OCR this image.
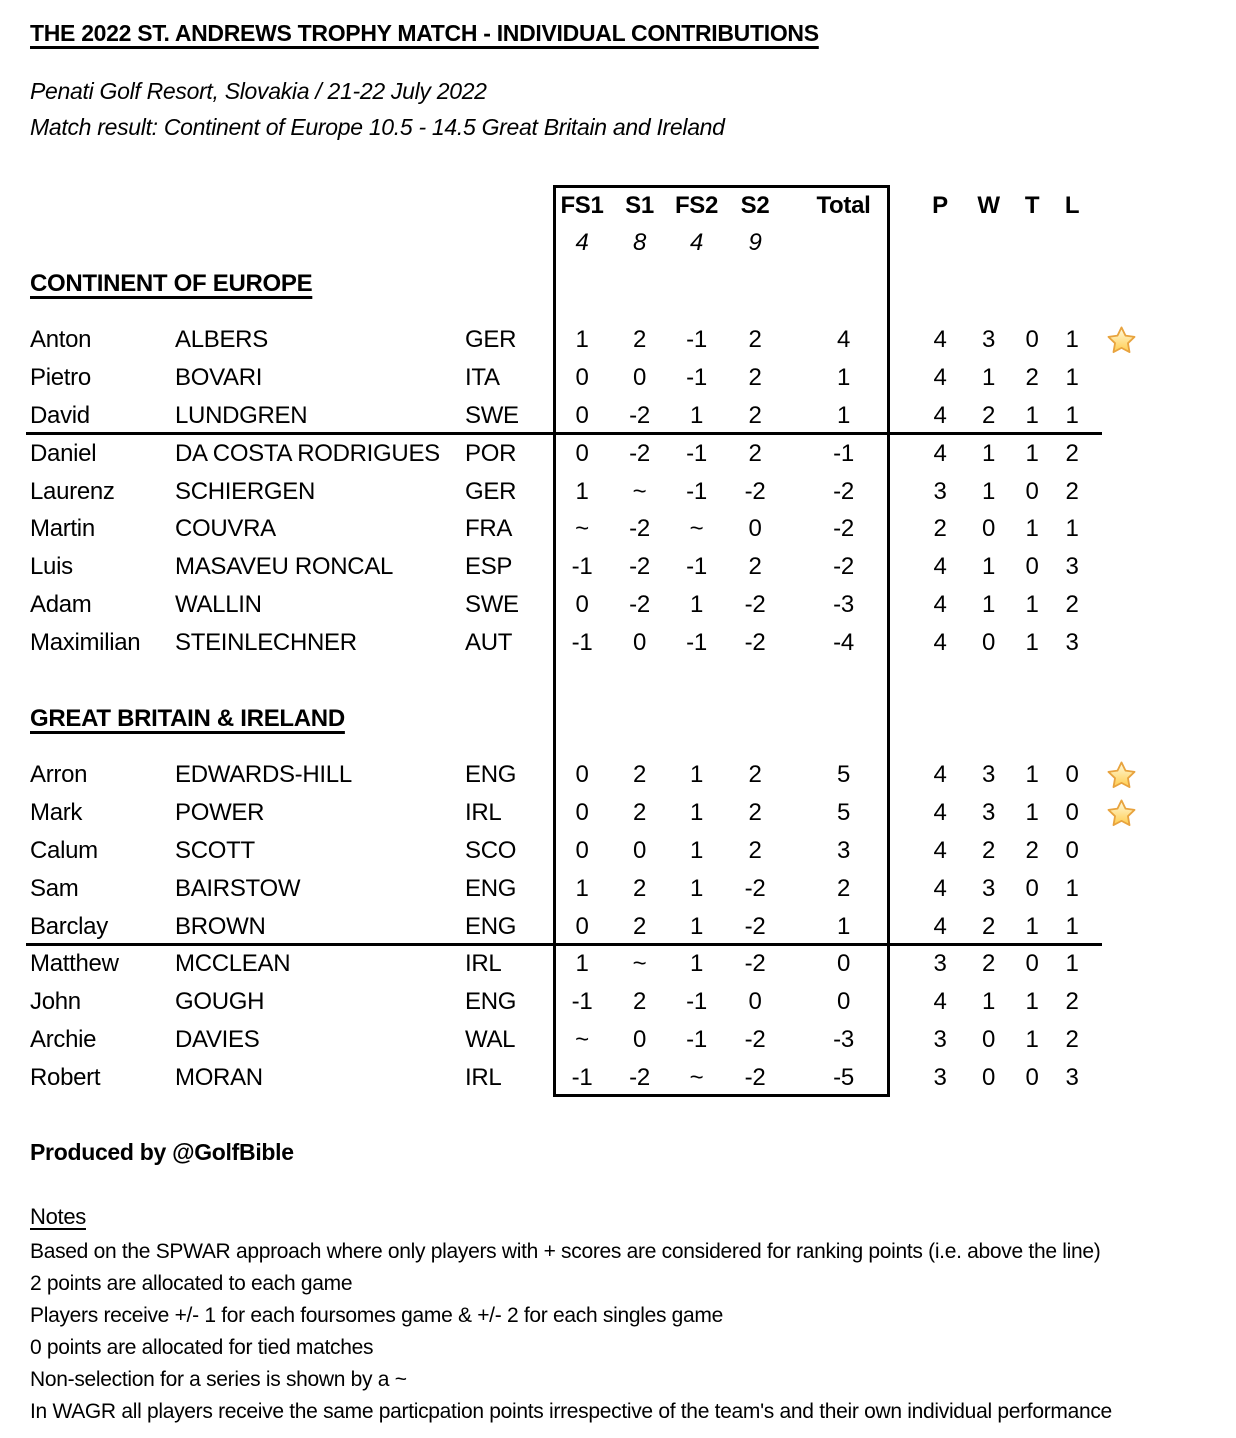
THE 2022 ST. ANDREWS TROPHY MATCH - INDIVIDUAL CONTRIBUTIONS
Penati Golf Resort, Slovakia / 21-22 July 2022
Match result: Continent of Europe 10.5 - 14.5 Great Britain and Ireland
FS1 S1 FS2 S2	Total	P	W	T	L
4	8	4	9
CONTINENT OF EUROPE
GREAT BRITAIN & IRELAND
Anton	ALBERS	GER	1	2	-1	2	4	4	3	0	1
Pietro	BOVARI	ITA	0	0	-1	2	1	4	1	2	1
David	LUNDGREN	SWE	0	-2	1	2	1	4	2	1	1
Daniel	DA COSTA RODRIGUES	POR	0	-2	-1	2	-1	4	1	1	2
Laurenz	SCHIERGEN	GER	1	~	-1	-2	-2	3	1	0	2
Martin	COUVRA	FRA	~	-2	~	0	-2	2	0	1	1
Luis	MASAVEU RONCAL	ESP	-1	-2	-1	2	-2	4	1	0	3
Adam	WALLIN	SWE	0	-2	1	-2	-3	4	1	1	2
Maximilian	STEINLECHNER	AUT	-1	0	-1	-2	-4	4	0	1	3
Arron	EDWARDS-HILL	ENG	0	2	1	2	5	4	3	1	0
Mark	POWER	IRL	0	2	1	2	5	4	3	1	0
Calum	SCOTT	SCO	0	0	1	2	3	4	2	2	0
Sam	BAIRSTOW	ENG	1	2	1	-2	2	4	3	0	1
Barclay	BROWN	ENG	0	2	1	-2	1	4	2	1	1
Matthew	MCCLEAN	IRL	1	~	1	-2	0	3	2	0	1
John	GOUGH	ENG	-1	2	-1	0	0	4	1	1	2
Archie	DAVIES	WAL	~	0	-1	-2	-3	3	0	1	2
Robert	MORAN	IRL	-1	-2	~	-2	-5	3	0	0	3
Produced by @GolfBible
Notes
Based on the SPWAR approach where only players with + scores are considered for ranking points (i.e. above the line)
2 points are allocated to each game
Players receive +/- 1 for each foursomes game & +/- 2 for each singles game
0 points are allocated for tied matches
Non-selection for a series is shown by a ~
In WAGR all players receive the same particpation points irrespective of the team's and their own individual performance
